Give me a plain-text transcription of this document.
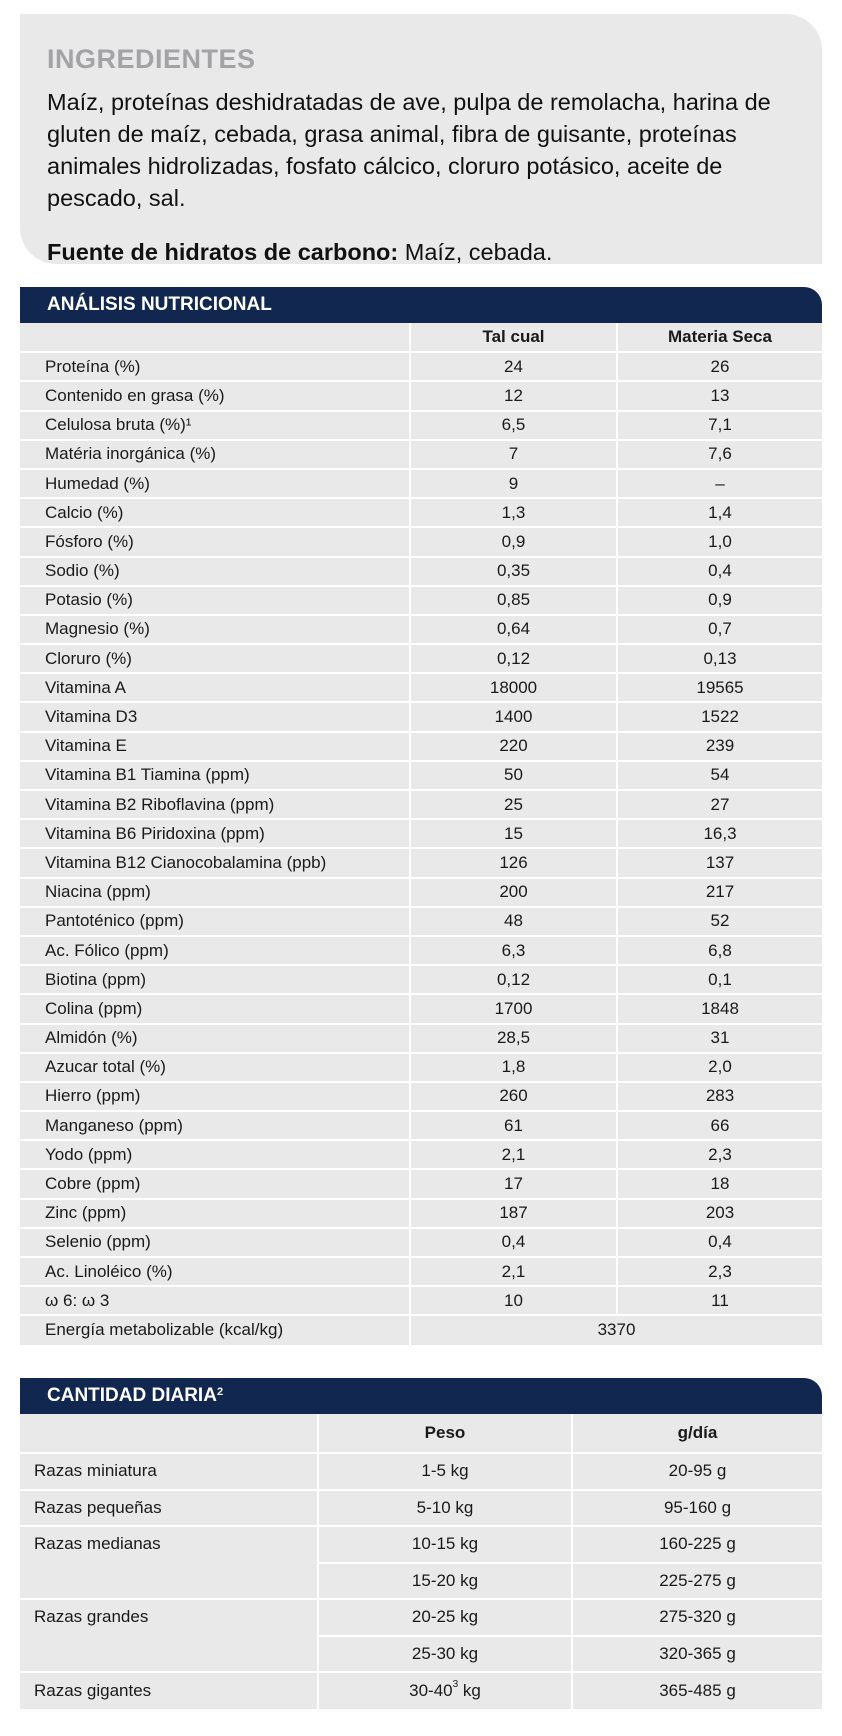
INGREDIENTES
Maíz, proteínas deshidratadas de ave, pulpa de remolacha, harina de gluten de maíz, cebada, grasa animal, fibra de guisante, proteínas animales hidrolizadas, fosfato cálcico, cloruro potásico, aceite de pescado, sal.
Fuente de hidratos de carbono: Maíz, cebada.
ANÁLISIS NUTRICIONAL
	Tal cual	Materia Seca
Proteína (%)	24	26
Contenido en grasa (%)	12	13
Celulosa bruta (%)¹	6,5	7,1
Matéria inorgánica (%)	7	7,6
Humedad (%)	9	–
Calcio (%)	1,3	1,4
Fósforo (%)	0,9	1,0
Sodio (%)	0,35	0,4
Potasio (%)	0,85	0,9
Magnesio (%)	0,64	0,7
Cloruro (%)	0,12	0,13
Vitamina A	18000	19565
Vitamina D3	1400	1522
Vitamina E	220	239
Vitamina B1 Tiamina (ppm)	50	54
Vitamina B2 Riboflavina (ppm)	25	27
Vitamina B6 Piridoxina (ppm)	15	16,3
Vitamina B12 Cianocobalamina (ppb)	126	137
Niacina (ppm)	200	217
Pantoténico (ppm)	48	52
Ac. Fólico (ppm)	6,3	6,8
Biotina (ppm)	0,12	0,1
Colina (ppm)	1700	1848
Almidón (%)	28,5	31
Azucar total (%)	1,8	2,0
Hierro (ppm)	260	283
Manganeso (ppm)	61	66
Yodo (ppm)	2,1	2,3
Cobre (ppm)	17	18
Zinc (ppm)	187	203
Selenio (ppm)	0,4	0,4
Ac. Linoléico (%)	2,1	2,3
ω 6: ω 3	10	11
Energía metabolizable (kcal/kg)	3370	
CANTIDAD DIARIA$^2$
	Peso	g/día
Razas miniatura	1-5 kg	20-95 g
Razas pequeñas	5-10 kg	95-160 g
Razas medianas	10-15 kg	160-225 g
	15-20 kg	225-275 g
Razas grandes	20-25 kg	275-320 g
	25-30 kg	320-365 g
Razas gigantes	$30-40^3$ kg	365-485 g
